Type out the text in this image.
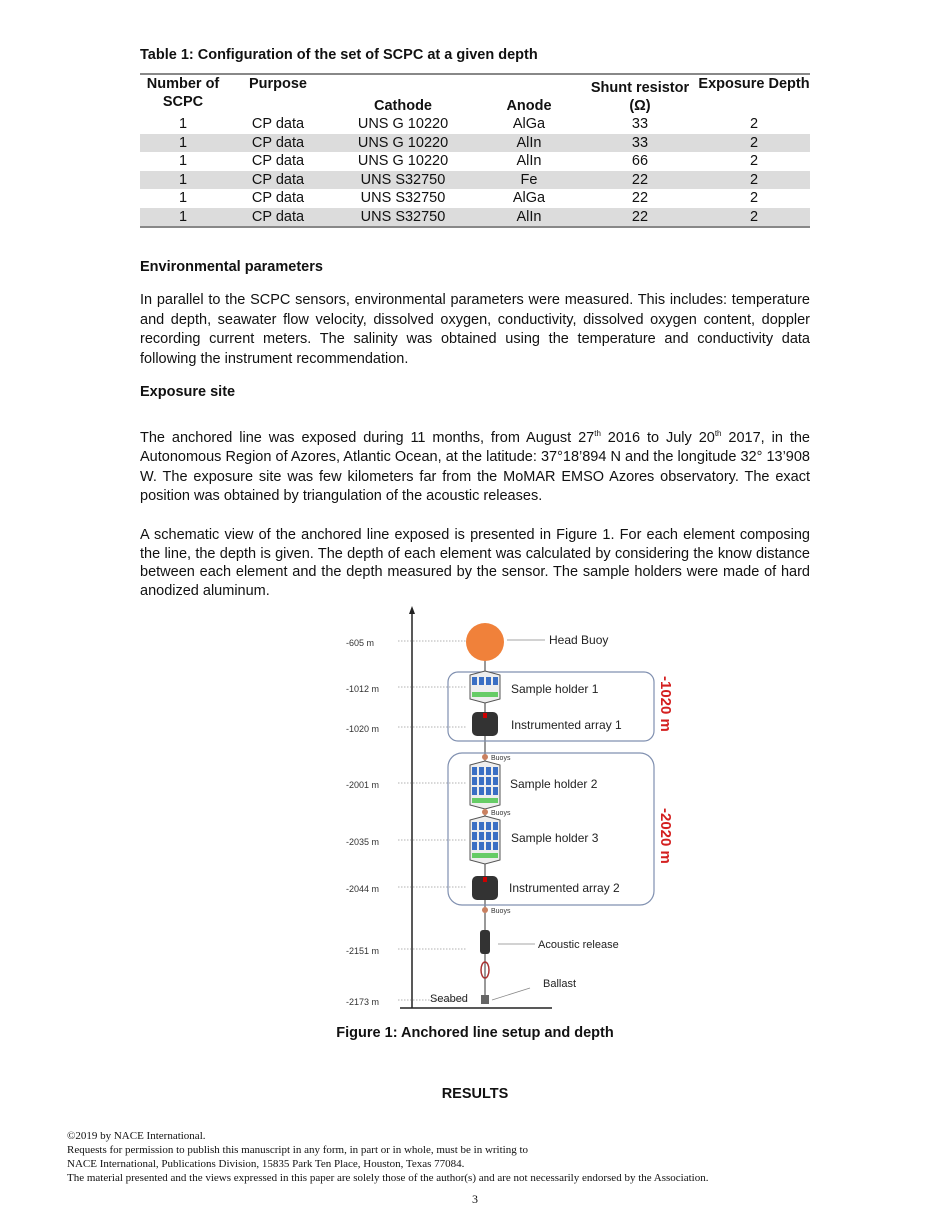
Table 1: Configuration of the set of SCPC at a given depth
Number of SCPC	Purpose	Cathode	Anode	Shunt resistor (Ω)	Exposure Depth
1	CP data	UNS G 10220	AlGa	33	2
1	CP data	UNS G 10220	AlIn	33	2
1	CP data	UNS G 10220	AlIn	66	2
1	CP data	UNS S32750	Fe	22	2
1	CP data	UNS S32750	AlGa	22	2
1	CP data	UNS S32750	AlIn	22	2
Environmental parameters
In parallel to the SCPC sensors, environmental parameters were measured. This includes: temperature and depth, seawater flow velocity, dissolved oxygen, conductivity, dissolved oxygen content, doppler recording current meters. The salinity was obtained using the temperature and conductivity data following the instrument recommendation.
Exposure site
The anchored line was exposed during 11 months, from August 27th 2016 to July 20th 2017, in the Autonomous Region of Azores, Atlantic Ocean, at the latitude: 37°18’894 N and the longitude 32° 13’908 W. The exposure site was few kilometers far from the MoMAR EMSO Azores observatory. The exact position was obtained by triangulation of the acoustic releases.
A schematic view of the anchored line exposed is presented in Figure 1. For each element composing the line, the depth is given. The depth of each element was calculated by considering the know distance between each element and the depth measured by the sensor. The sample holders were made of hard anodized aluminum.
-605 m
-1012 m
-1020 m
-2001 m
-2035 m
-2044 m
-2151 m
-2173 m
Head Buoy
Sample holder 1
Instrumented array 1
Sample holder 2
Sample holder 3
Instrumented array 2
Acoustic release
Ballast
Seabed
Buoys
Buoys
Buoys
-1020 m
-2020 m
Figure 1: Anchored line setup and depth
RESULTS
©2019 by NACE International.
Requests for permission to publish this manuscript in any form, in part or in whole, must be in writing to
NACE International, Publications Division, 15835 Park Ten Place, Houston, Texas 77084.
The material presented and the views expressed in this paper are solely those of the author(s) and are not necessarily endorsed by the Association.
3
